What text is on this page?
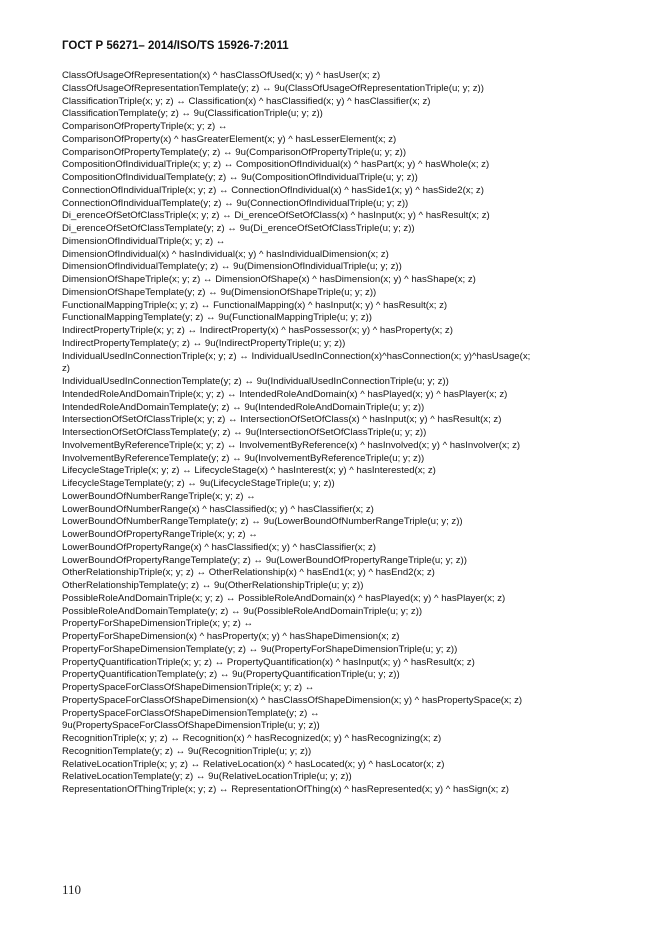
ГОСТ Р 56271– 2014/ISO/TS 15926-7:2011
ClassOfUsageOfRepresentation(x) ^ hasClassOfUsed(x; y) ^ hasUser(x; z)
ClassOfUsageOfRepresentationTemplate(y; z) ↔ 9u(ClassOfUsageOfRepresentationTriple(u; y; z))
ClassificationTriple(x; y; z) ↔ Classification(x) ^ hasClassified(x; y) ^ hasClassifier(x; z)
ClassificationTemplate(y; z) ↔ 9u(ClassificationTriple(u; y; z))
ComparisonOfPropertyTriple(x; y; z) ↔
ComparisonOfProperty(x) ^ hasGreaterElement(x; y) ^ hasLesserElement(x; z)
ComparisonOfPropertyTemplate(y; z) ↔ 9u(ComparisonOfPropertyTriple(u; y; z))
CompositionOfIndividualTriple(x; y; z) ↔ CompositionOfIndividual(x) ^ hasPart(x; y) ^ hasWhole(x; z)
CompositionOfIndividualTemplate(y; z) ↔ 9u(CompositionOfIndividualTriple(u; y; z))
ConnectionOfIndividualTriple(x; y; z) ↔ ConnectionOfIndividual(x) ^ hasSide1(x; y) ^ hasSide2(x; z)
ConnectionOfIndividualTemplate(y; z) ↔ 9u(ConnectionOfIndividualTriple(u; y; z))
Di_erenceOfSetOfClassTriple(x; y; z) ↔ Di_erenceOfSetOfClass(x) ^ hasInput(x; y) ^ hasResult(x; z)
Di_erenceOfSetOfClassTemplate(y; z) ↔ 9u(Di_erenceOfSetOfClassTriple(u; y; z))
DimensionOfIndividualTriple(x; y; z) ↔
DimensionOfIndividual(x) ^ hasIndividual(x; y) ^ hasIndividualDimension(x; z)
DimensionOfIndividualTemplate(y; z) ↔ 9u(DimensionOfIndividualTriple(u; y; z))
DimensionOfShapeTriple(x; y; z) ↔ DimensionOfShape(x) ^ hasDimension(x; y) ^ hasShape(x; z)
DimensionOfShapeTemplate(y; z) ↔ 9u(DimensionOfShapeTriple(u; y; z))
FunctionalMappingTriple(x; y; z) ↔ FunctionalMapping(x) ^ hasInput(x; y) ^ hasResult(x; z)
FunctionalMappingTemplate(y; z) ↔ 9u(FunctionalMappingTriple(u; y; z))
IndirectPropertyTriple(x; y; z) ↔ IndirectProperty(x) ^ hasPossessor(x; y) ^ hasProperty(x; z)
IndirectPropertyTemplate(y; z) ↔ 9u(IndirectPropertyTriple(u; y; z))
IndividualUsedInConnectionTriple(x; y; z) ↔ IndividualUsedInConnection(x)^hasConnection(x; y)^hasUsage(x;
z)
IndividualUsedInConnectionTemplate(y; z) ↔ 9u(IndividualUsedInConnectionTriple(u; y; z))
IntendedRoleAndDomainTriple(x; y; z) ↔ IntendedRoleAndDomain(x) ^ hasPlayed(x; y) ^ hasPlayer(x; z)
IntendedRoleAndDomainTemplate(y; z) ↔ 9u(IntendedRoleAndDomainTriple(u; y; z))
IntersectionOfSetOfClassTriple(x; y; z) ↔ IntersectionOfSetOfClass(x) ^ hasInput(x; y) ^ hasResult(x; z)
IntersectionOfSetOfClassTemplate(y; z) ↔ 9u(IntersectionOfSetOfClassTriple(u; y; z))
InvolvementByReferenceTriple(x; y; z) ↔ InvolvementByReference(x) ^ hasInvolved(x; y) ^ hasInvolver(x; z)
InvolvementByReferenceTemplate(y; z) ↔ 9u(InvolvementByReferenceTriple(u; y; z))
LifecycleStageTriple(x; y; z) ↔ LifecycleStage(x) ^ hasInterest(x; y) ^ hasInterested(x; z)
LifecycleStageTemplate(y; z) ↔ 9u(LifecycleStageTriple(u; y; z))
LowerBoundOfNumberRangeTriple(x; y; z) ↔
LowerBoundOfNumberRange(x) ^ hasClassified(x; y) ^ hasClassifier(x; z)
LowerBoundOfNumberRangeTemplate(y; z) ↔ 9u(LowerBoundOfNumberRangeTriple(u; y; z))
LowerBoundOfPropertyRangeTriple(x; y; z) ↔
LowerBoundOfPropertyRange(x) ^ hasClassified(x; y) ^ hasClassifier(x; z)
LowerBoundOfPropertyRangeTemplate(y; z) ↔ 9u(LowerBoundOfPropertyRangeTriple(u; y; z))
OtherRelationshipTriple(x; y; z) ↔ OtherRelationship(x) ^ hasEnd1(x; y) ^ hasEnd2(x; z)
OtherRelationshipTemplate(y; z) ↔ 9u(OtherRelationshipTriple(u; y; z))
PossibleRoleAndDomainTriple(x; y; z) ↔ PossibleRoleAndDomain(x) ^ hasPlayed(x; y) ^ hasPlayer(x; z)
PossibleRoleAndDomainTemplate(y; z) ↔ 9u(PossibleRoleAndDomainTriple(u; y; z))
PropertyForShapeDimensionTriple(x; y; z) ↔
PropertyForShapeDimension(x) ^ hasProperty(x; y) ^ hasShapeDimension(x; z)
PropertyForShapeDimensionTemplate(y; z) ↔ 9u(PropertyForShapeDimensionTriple(u; y; z))
PropertyQuantificationTriple(x; y; z) ↔ PropertyQuantification(x) ^ hasInput(x; y) ^ hasResult(x; z)
PropertyQuantificationTemplate(y; z) ↔ 9u(PropertyQuantificationTriple(u; y; z))
PropertySpaceForClassOfShapeDimensionTriple(x; y; z) ↔
PropertySpaceForClassOfShapeDimension(x) ^ hasClassOfShapeDimension(x; y) ^ hasPropertySpace(x; z)
PropertySpaceForClassOfShapeDimensionTemplate(y; z) ↔
9u(PropertySpaceForClassOfShapeDimensionTriple(u; y; z))
RecognitionTriple(x; y; z) ↔ Recognition(x) ^ hasRecognized(x; y) ^ hasRecognizing(x; z)
RecognitionTemplate(y; z) ↔ 9u(RecognitionTriple(u; y; z))
RelativeLocationTriple(x; y; z) ↔ RelativeLocation(x) ^ hasLocated(x; y) ^ hasLocator(x; z)
RelativeLocationTemplate(y; z) ↔ 9u(RelativeLocationTriple(u; y; z))
RepresentationOfThingTriple(x; y; z) ↔ RepresentationOfThing(x) ^ hasRepresented(x; y) ^ hasSign(x; z)
110
